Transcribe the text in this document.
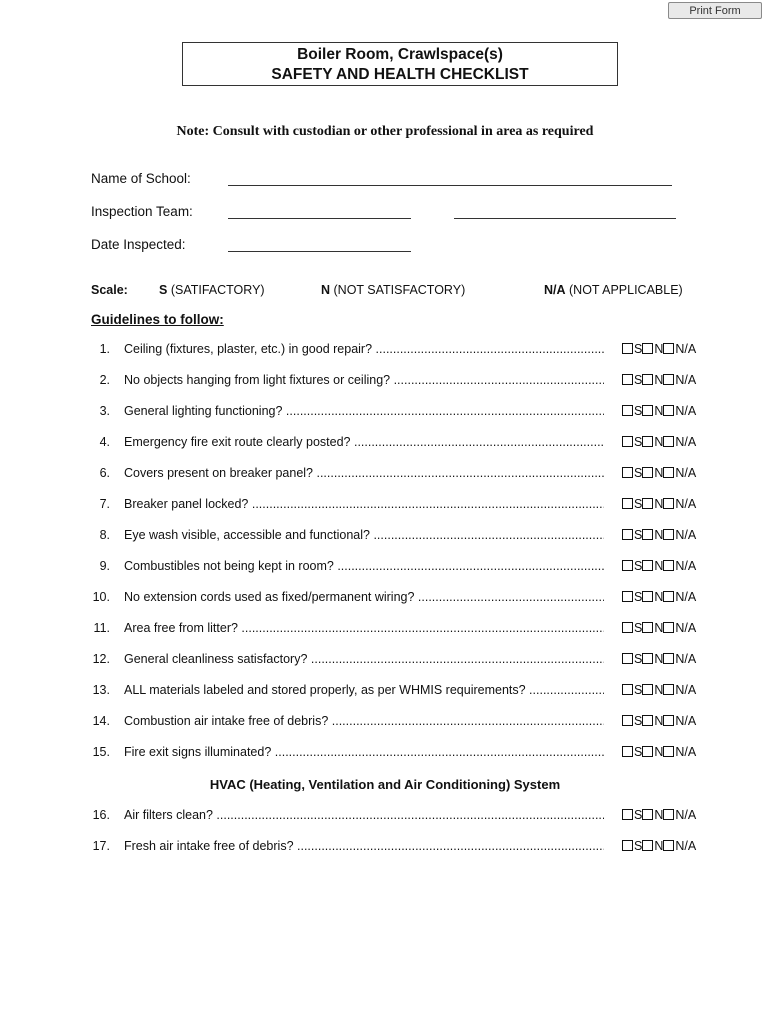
Print Form
Boiler Room, Crawlspace(s)
SAFETY AND HEALTH CHECKLIST
Note: Consult with custodian or other professional in area as required
Name of School:
Inspection Team:
Date Inspected:
Scale: S (SATIFACTORY)	N (NOT SATISFACTORY)	N/A (NOT APPLICABLE)
Guidelines to follow:
1. Ceiling (fixtures, plaster, etc.) in good repair? .....	S N N/A
2. No objects hanging from light fixtures or ceiling? .....	S N N/A
3. General lighting functioning? .....	S N N/A
4. Emergency fire exit route clearly posted? .....	S N N/A
6. Covers present on breaker panel? .....	S N N/A
7. Breaker panel locked? .....	S N N/A
8. Eye wash visible, accessible and functional? .....	S N N/A
9. Combustibles not being kept in room? .....	S N N/A
10. No extension cords used as fixed/permanent wiring? .....	S N N/A
11. Area free from litter? .....	S N N/A
12. General cleanliness satisfactory? .....	S N N/A
13. ALL materials labeled and stored properly, as per WHMIS requirements? .....	S N N/A
14. Combustion air intake free of debris? .....	S N N/A
15. Fire exit signs illuminated? .....	S N N/A
HVAC (Heating, Ventilation and Air Conditioning) System
16. Air filters clean? .....	S N N/A
17. Fresh air intake free of debris? .....	S N N/A
